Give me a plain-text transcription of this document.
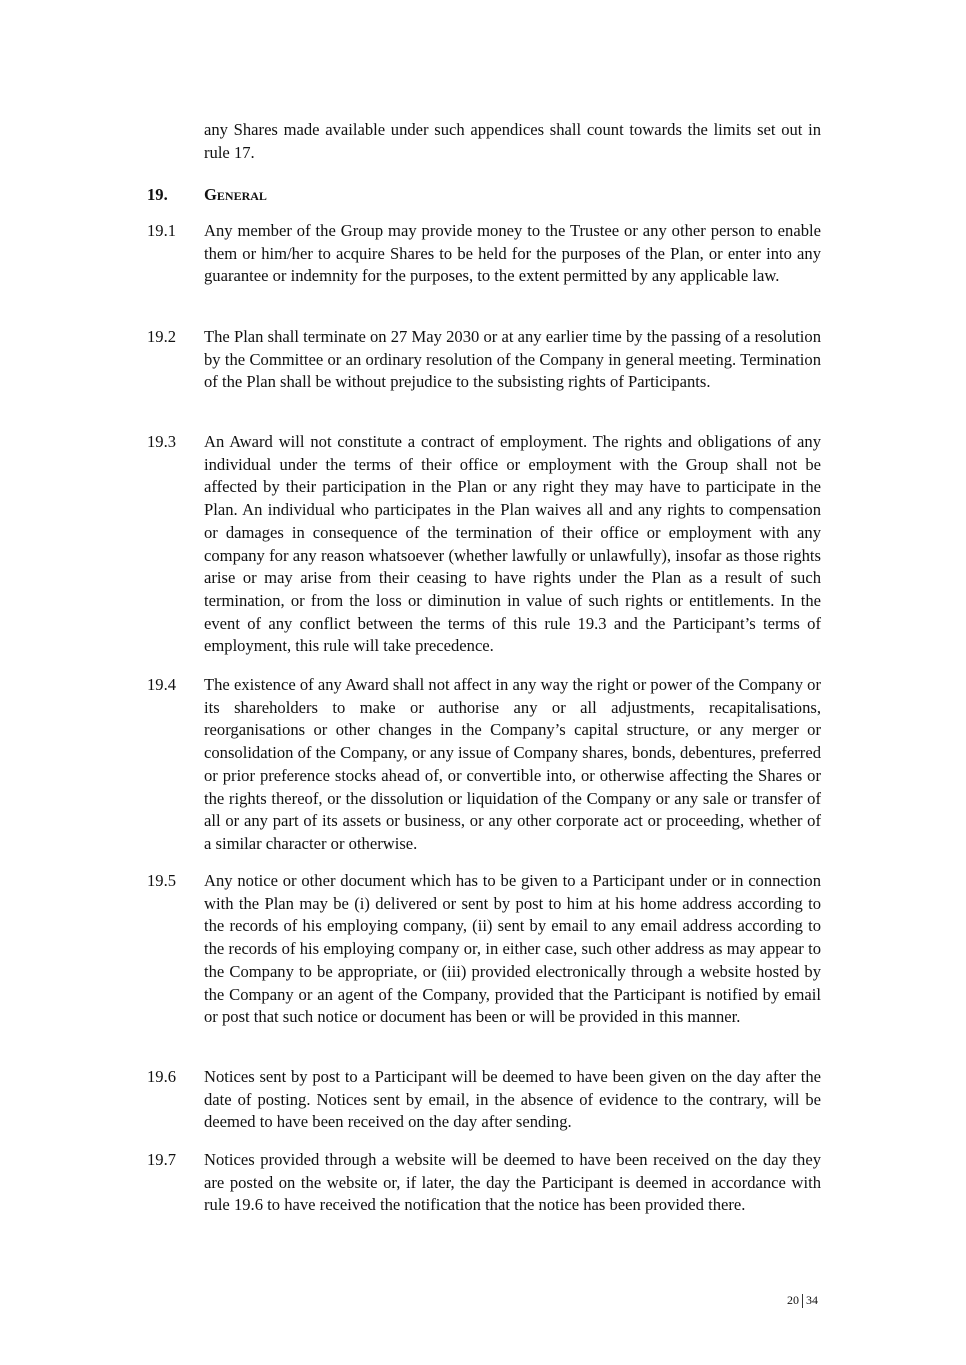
any Shares made available under such appendices shall count towards the limits set out in rule 17.
19. General
19.1 Any member of the Group may provide money to the Trustee or any other person to enable them or him/her to acquire Shares to be held for the purposes of the Plan, or enter into any guarantee or indemnity for the purposes, to the extent permitted by any applicable law.
19.2 The Plan shall terminate on 27 May 2030 or at any earlier time by the passing of a resolution by the Committee or an ordinary resolution of the Company in general meeting. Termination of the Plan shall be without prejudice to the subsisting rights of Participants.
19.3 An Award will not constitute a contract of employment. The rights and obligations of any individual under the terms of their office or employment with the Group shall not be affected by their participation in the Plan or any right they may have to participate in the Plan. An individual who participates in the Plan waives all and any rights to compensation or damages in consequence of the termination of their office or employment with any company for any reason whatsoever (whether lawfully or unlawfully), insofar as those rights arise or may arise from their ceasing to have rights under the Plan as a result of such termination, or from the loss or diminution in value of such rights or entitlements. In the event of any conflict between the terms of this rule 19.3 and the Participant’s terms of employment, this rule will take precedence.
19.4 The existence of any Award shall not affect in any way the right or power of the Company or its shareholders to make or authorise any or all adjustments, recapitalisations, reorganisations or other changes in the Company’s capital structure, or any merger or consolidation of the Company, or any issue of Company shares, bonds, debentures, preferred or prior preference stocks ahead of, or convertible into, or otherwise affecting the Shares or the rights thereof, or the dissolution or liquidation of the Company or any sale or transfer of all or any part of its assets or business, or any other corporate act or proceeding, whether of a similar character or otherwise.
19.5 Any notice or other document which has to be given to a Participant under or in connection with the Plan may be (i) delivered or sent by post to him at his home address according to the records of his employing company, (ii) sent by email to any email address according to the records of his employing company or, in either case, such other address as may appear to the Company to be appropriate, or (iii) provided electronically through a website hosted by the Company or an agent of the Company, provided that the Participant is notified by email or post that such notice or document has been or will be provided in this manner.
19.6 Notices sent by post to a Participant will be deemed to have been given on the day after the date of posting. Notices sent by email, in the absence of evidence to the contrary, will be deemed to have been received on the day after sending.
19.7 Notices provided through a website will be deemed to have been received on the day they are posted on the website or, if later, the day the Participant is deemed in accordance with rule 19.6 to have received the notification that the notice has been provided there.
20 34
